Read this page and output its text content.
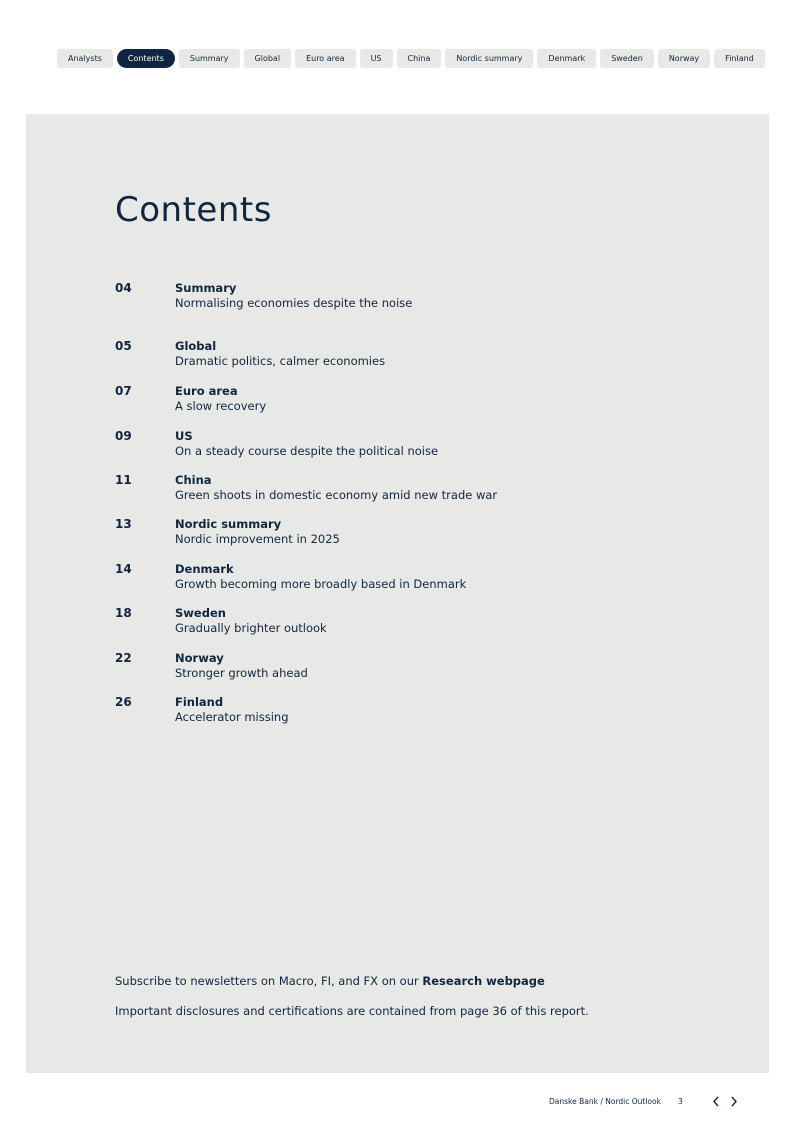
Analysts	Contents	Summary	Global	Euro area	US	China	Nordic summary	Denmark	Sweden	Norway	Finland
Contents
04	Summary
Normalising economies despite the noise
05	Global
Dramatic politics, calmer economies
07	Euro area
A slow recovery
09	US
On a steady course despite the political noise
11	China
Green shoots in domestic economy amid new trade war
13	Nordic summary
Nordic improvement in 2025
14	Denmark
Growth becoming more broadly based in Denmark
18	Sweden
Gradually brighter outlook
22	Norway
Stronger growth ahead
26	Finland
Accelerator missing
Subscribe to newsletters on Macro, FI, and FX on our Research webpage
Important disclosures and certifications are contained from page 36 of this report.
Danske Bank / Nordic Outlook 3
